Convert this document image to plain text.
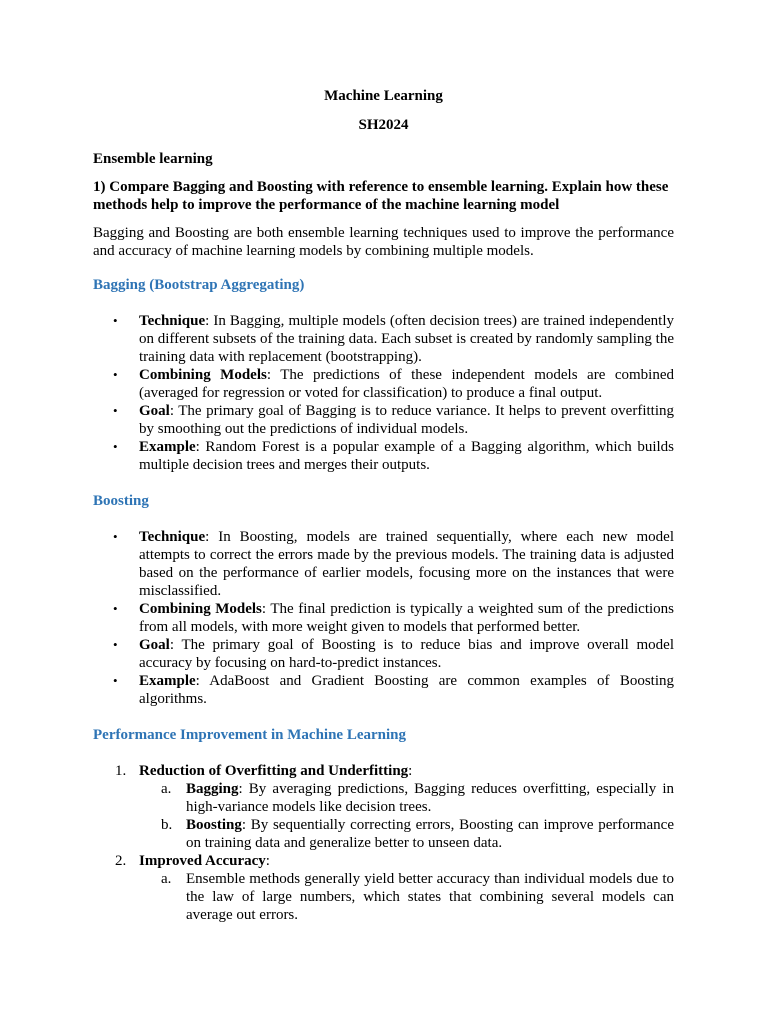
Machine Learning
SH2024
Ensemble learning
1) Compare Bagging and Boosting with reference to ensemble learning. Explain how these methods help to improve the performance of the machine learning model

Bagging and Boosting are both ensemble learning techniques used to improve the performance and accuracy of machine learning models by combining multiple models.

Bagging (Bootstrap Aggregating)
• Technique: In Bagging, multiple models (often decision trees) are trained independently on different subsets of the training data. Each subset is created by randomly sampling the training data with replacement (bootstrapping).
• Combining Models: The predictions of these independent models are combined (averaged for regression or voted for classification) to produce a final output.
• Goal: The primary goal of Bagging is to reduce variance. It helps to prevent overfitting by smoothing out the predictions of individual models.
• Example: Random Forest is a popular example of a Bagging algorithm, which builds multiple decision trees and merges their outputs.
Boosting
• Technique: In Boosting, models are trained sequentially, where each new model attempts to correct the errors made by the previous models. The training data is adjusted based on the performance of earlier models, focusing more on the instances that were misclassified.
• Combining Models: The final prediction is typically a weighted sum of the predictions from all models, with more weight given to models that performed better.
• Goal: The primary goal of Boosting is to reduce bias and improve overall model accuracy by focusing on hard-to-predict instances.
• Example: AdaBoost and Gradient Boosting are common examples of Boosting algorithms.
Performance Improvement in Machine Learning
1. Reduction of Overfitting and Underfitting:
a. Bagging: By averaging predictions, Bagging reduces overfitting, especially in high-variance models like decision trees.
b. Boosting: By sequentially correcting errors, Boosting can improve performance on training data and generalize better to unseen data.
2. Improved Accuracy:
a. Ensemble methods generally yield better accuracy than individual models due to the law of large numbers, which states that combining several models can average out errors.
